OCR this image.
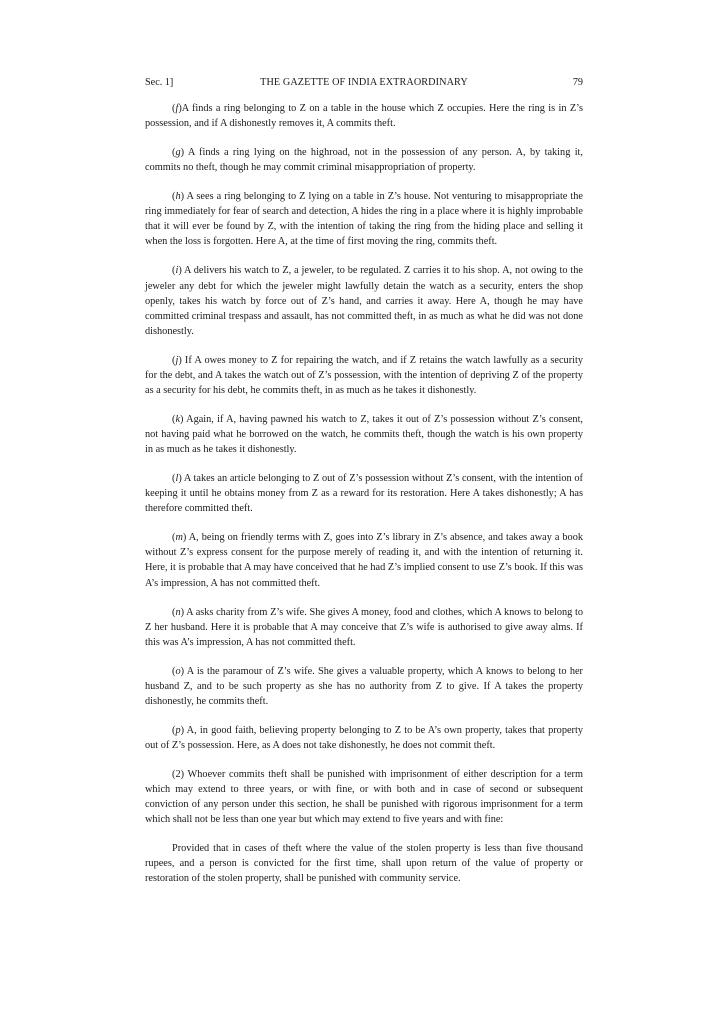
Sec. 1]	THE GAZETTE OF INDIA EXTRAORDINARY	79

(f)A finds a ring belonging to Z on a table in the house which Z occupies. Here the ring is in Z’s possession, and if A dishonestly removes it, A commits theft.

(g) A finds a ring lying on the highroad, not in the possession of any person. A, by taking it, commits no theft, though he may commit criminal misappropriation of property.

(h) A sees a ring belonging to Z lying on a table in Z’s house. Not venturing to misappropriate the ring immediately for fear of search and detection, A hides the ring in a place where it is highly improbable that it will ever be found by Z, with the intention of taking the ring from the hiding place and selling it when the loss is forgotten. Here A, at the time of first moving the ring, commits theft.

(i) A delivers his watch to Z, a jeweler, to be regulated. Z carries it to his shop. A, not owing to the jeweler any debt for which the jeweler might lawfully detain the watch as a security, enters the shop openly, takes his watch by force out of Z’s hand, and carries it away. Here A, though he may have committed criminal trespass and assault, has not committed theft, in as much as what he did was not done dishonestly.

(j) If A owes money to Z for repairing the watch, and if Z retains the watch lawfully as a security for the debt, and A takes the watch out of Z’s possession, with the intention of depriving Z of the property as a security for his debt, he commits theft, in as much as he takes it dishonestly.

(k) Again, if A, having pawned his watch to Z, takes it out of Z’s possession without Z’s consent, not having paid what he borrowed on the watch, he commits theft, though the watch is his own property in as much as he takes it dishonestly.

(l) A takes an article belonging to Z out of Z’s possession without Z’s consent, with the intention of keeping it until he obtains money from Z as a reward for its restoration. Here A takes dishonestly; A has therefore committed theft.

(m) A, being on friendly terms with Z, goes into Z’s library in Z’s absence, and takes away a book without Z’s express consent for the purpose merely of reading it, and with the intention of returning it. Here, it is probable that A may have conceived that he had Z’s implied consent to use Z’s book. If this was A’s impression, A has not committed theft.

(n) A asks charity from Z’s wife. She gives A money, food and clothes, which A knows to belong to Z her husband. Here it is probable that A may conceive that Z’s wife is authorised to give away alms. If this was A’s impression, A has not committed theft.

(o) A is the paramour of Z’s wife. She gives a valuable property, which A knows to belong to her husband Z, and to be such property as she has no authority from Z to give. If A takes the property dishonestly, he commits theft.

(p) A, in good faith, believing property belonging to Z to be A’s own property, takes that property out of Z’s possession. Here, as A does not take dishonestly, he does not commit theft.

(2) Whoever commits theft shall be punished with imprisonment of either description for a term which may extend to three years, or with fine, or with both and in case of second or subsequent conviction of any person under this section, he shall be punished with rigorous imprisonment for a term which shall not be less than one year but which may extend to five years and with fine:

Provided that in cases of theft where the value of the stolen property is less than five thousand rupees, and a person is convicted for the first time, shall upon return of the value of property or restoration of the stolen property, shall be punished with community service.
